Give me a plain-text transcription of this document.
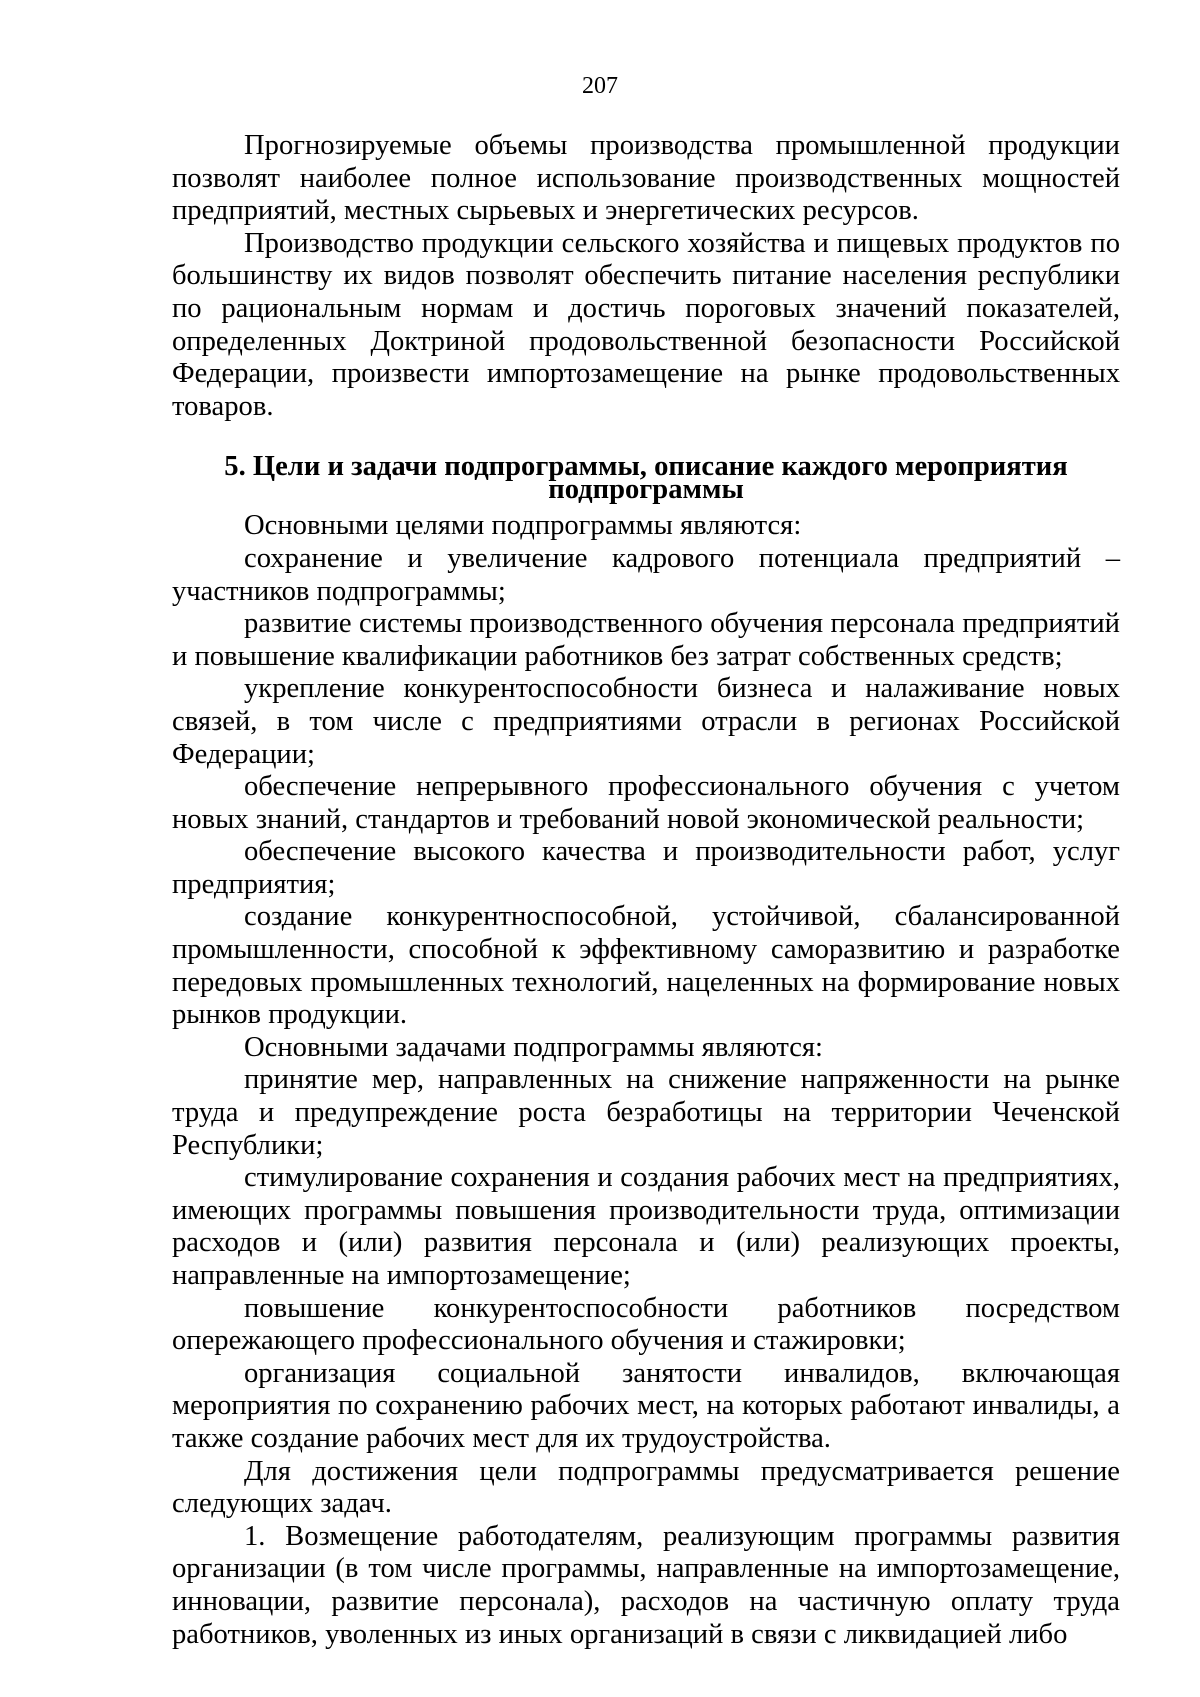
207

Прогнозируемые объемы производства промышленной продукции позволят наиболее полное использование производственных мощностей предприятий, местных сырьевых и энергетических ресурсов.

Производство продукции сельского хозяйства и пищевых продуктов по большинству их видов позволят обеспечить питание населения республики по рациональным нормам и достичь пороговых значений показателей, определенных Доктриной продовольственной безопасности Российской Федерации, произвести импортозамещение на рынке продовольственных товаров.

5. Цели и задачи подпрограммы, описание каждого мероприятия
подпрограммы

Основными целями подпрограммы являются:

сохранение и увеличение кадрового потенциала предприятий – участников подпрограммы;

развитие системы производственного обучения персонала предприятий и повышение квалификации работников без затрат собственных средств;

укрепление конкурентоспособности бизнеса и налаживание новых связей, в том числе с предприятиями отрасли в регионах Российской Федерации;

обеспечение непрерывного профессионального обучения с учетом новых знаний, стандартов и требований новой экономической реальности;

обеспечение высокого качества и производительности работ, услуг предприятия;

создание конкурентноспособной, устойчивой, сбалансированной промышленности, способной к эффективному саморазвитию и разработке передовых промышленных технологий, нацеленных на формирование новых рынков продукции.

Основными задачами подпрограммы являются:

принятие мер, направленных на снижение напряженности на рынке труда и предупреждение роста безработицы на территории Чеченской Республики;

стимулирование сохранения и создания рабочих мест на предприятиях, имеющих программы повышения производительности труда, оптимизации расходов и (или) развития персонала и (или) реализующих проекты, направленные на импортозамещение;

повышение конкурентоспособности работников посредством опережающего профессионального обучения и стажировки;

организация социальной занятости инвалидов, включающая мероприятия по сохранению рабочих мест, на которых работают инвалиды, а также создание рабочих мест для их трудоустройства.

Для достижения цели подпрограммы предусматривается решение следующих задач.

1. Возмещение работодателям, реализующим программы развития организации (в том числе программы, направленные на импортозамещение, инновации, развитие персонала), расходов на частичную оплату труда работников, уволенных из иных организаций в связи с ликвидацией либо
